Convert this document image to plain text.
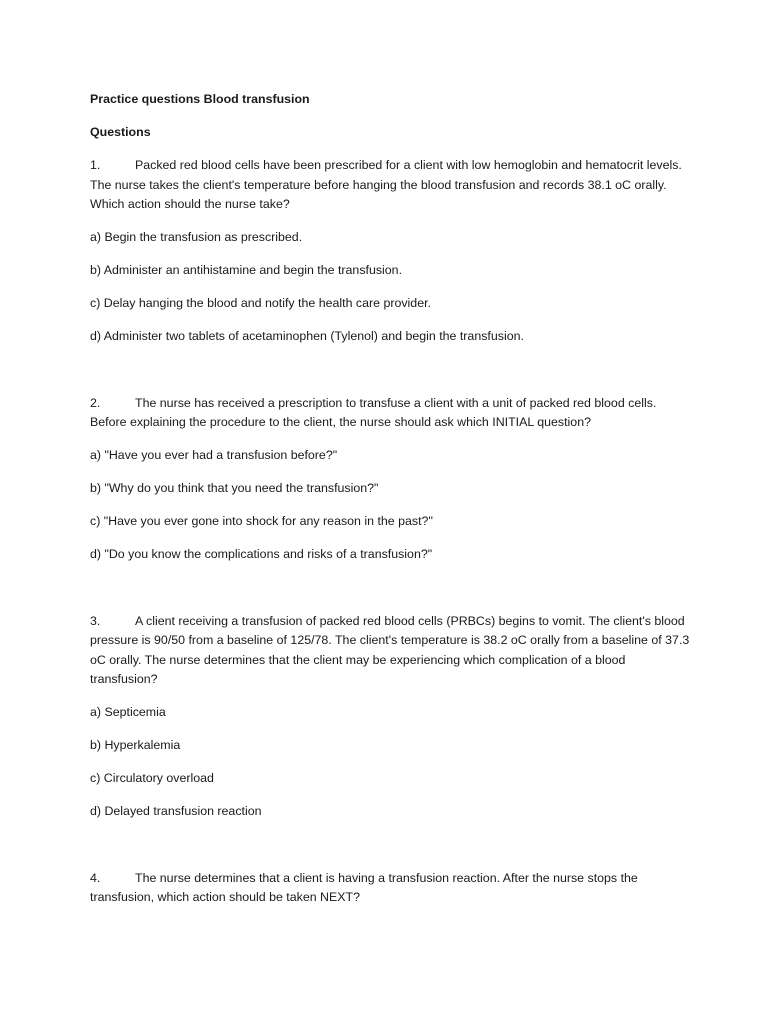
Practice questions Blood transfusion

Questions

1.	Packed red blood cells have been prescribed for a client with low hemoglobin and hematocrit levels. The nurse takes the client's temperature before hanging the blood transfusion and records 38.1 oC orally. Which action should the nurse take?

a) Begin the transfusion as prescribed.

b) Administer an antihistamine and begin the transfusion.

c) Delay hanging the blood and notify the health care provider.

d) Administer two tablets of acetaminophen (Tylenol) and begin the transfusion.

2.	The nurse has received a prescription to transfuse a client with a unit of packed red blood cells. Before explaining the procedure to the client, the nurse should ask which INITIAL question?

a) "Have you ever had a transfusion before?"

b) "Why do you think that you need the transfusion?"

c) "Have you ever gone into shock for any reason in the past?"

d) "Do you know the complications and risks of a transfusion?"

3.	A client receiving a transfusion of packed red blood cells (PRBCs) begins to vomit. The client's blood pressure is 90/50 from a baseline of 125/78. The client's temperature is 38.2 oC orally from a baseline of 37.3 oC orally. The nurse determines that the client may be experiencing which complication of a blood transfusion?

a) Septicemia

b) Hyperkalemia

c) Circulatory overload

d) Delayed transfusion reaction

4.	The nurse determines that a client is having a transfusion reaction. After the nurse stops the transfusion, which action should be taken NEXT?
